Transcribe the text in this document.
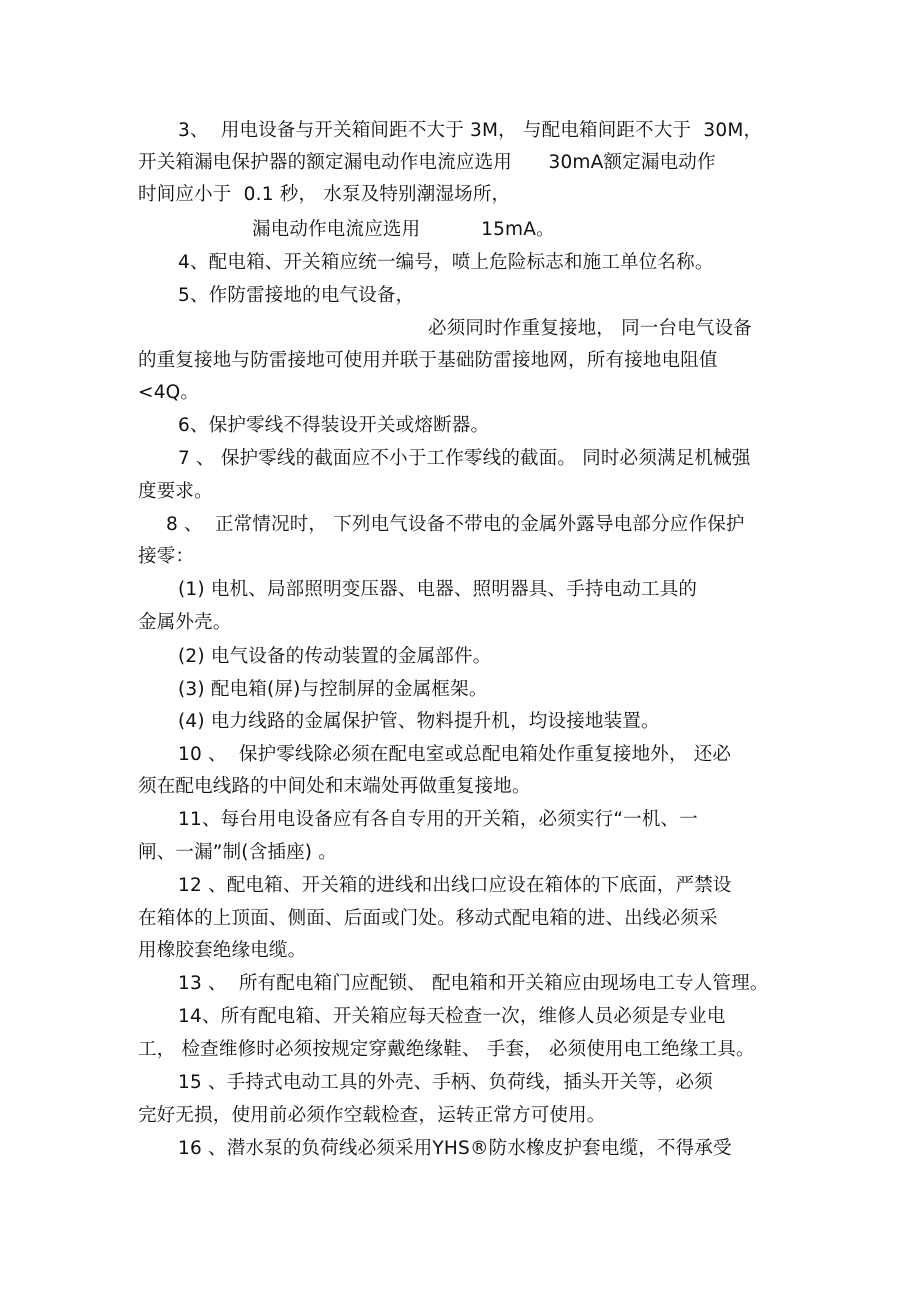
3、  用电设备与开关箱间距不大于 3M， 与配电箱间距不大于  30M，
开关箱漏电保护器的额定漏电动作电流应选用      30mA额定漏电动作
时间应小于  0.1 秒， 水泵及特别潮湿场所，
漏电动作电流应选用          15mA。
4、配电箱、开关箱应统一编号，喷上危险标志和施工单位名称。
5、作防雷接地的电气设备，
必须同时作重复接地， 同一台电气设备
的重复接地与防雷接地可使用并联于基础防雷接地网，所有接地电阻值
<4Q。
6、保护零线不得装设开关或熔断器。
7 、 保护零线的截面应不小于工作零线的截面。 同时必须满足机械强
度要求。
8 、  正常情况时， 下列电气设备不带电的金属外露导电部分应作保护
接零：
(1) 电机、局部照明变压器、电器、照明器具、手持电动工具的
金属外壳。
(2) 电气设备的传动装置的金属部件。
(3) 配电箱(屏)与控制屏的金属框架。
(4) 电力线路的金属保护管、物料提升机，均设接地装置。
10 、  保护零线除必须在配电室或总配电箱处作重复接地外， 还必
须在配电线路的中间处和末端处再做重复接地。
11、每台用电设备应有各自专用的开关箱，必须实行“一机、一
闸、一漏”制(含插座) 。
12 、配电箱、开关箱的进线和出线口应设在箱体的下底面，严禁设
在箱体的上顶面、侧面、后面或门处。移动式配电箱的进、出线必须采
用橡胶套绝缘电缆。
13 、  所有配电箱门应配锁、 配电箱和开关箱应由现场电工专人管理。
14、所有配电箱、开关箱应每天检查一次，维修人员必须是专业电
工， 检查维修时必须按规定穿戴绝缘鞋、 手套， 必须使用电工绝缘工具。
15 、手持式电动工具的外壳、手柄、负荷线，插头开关等，必须
完好无损，使用前必须作空载检查，运转正常方可使用。
16 、潜水泵的负荷线必须采用YHS®防水橡皮护套电缆，不得承受
